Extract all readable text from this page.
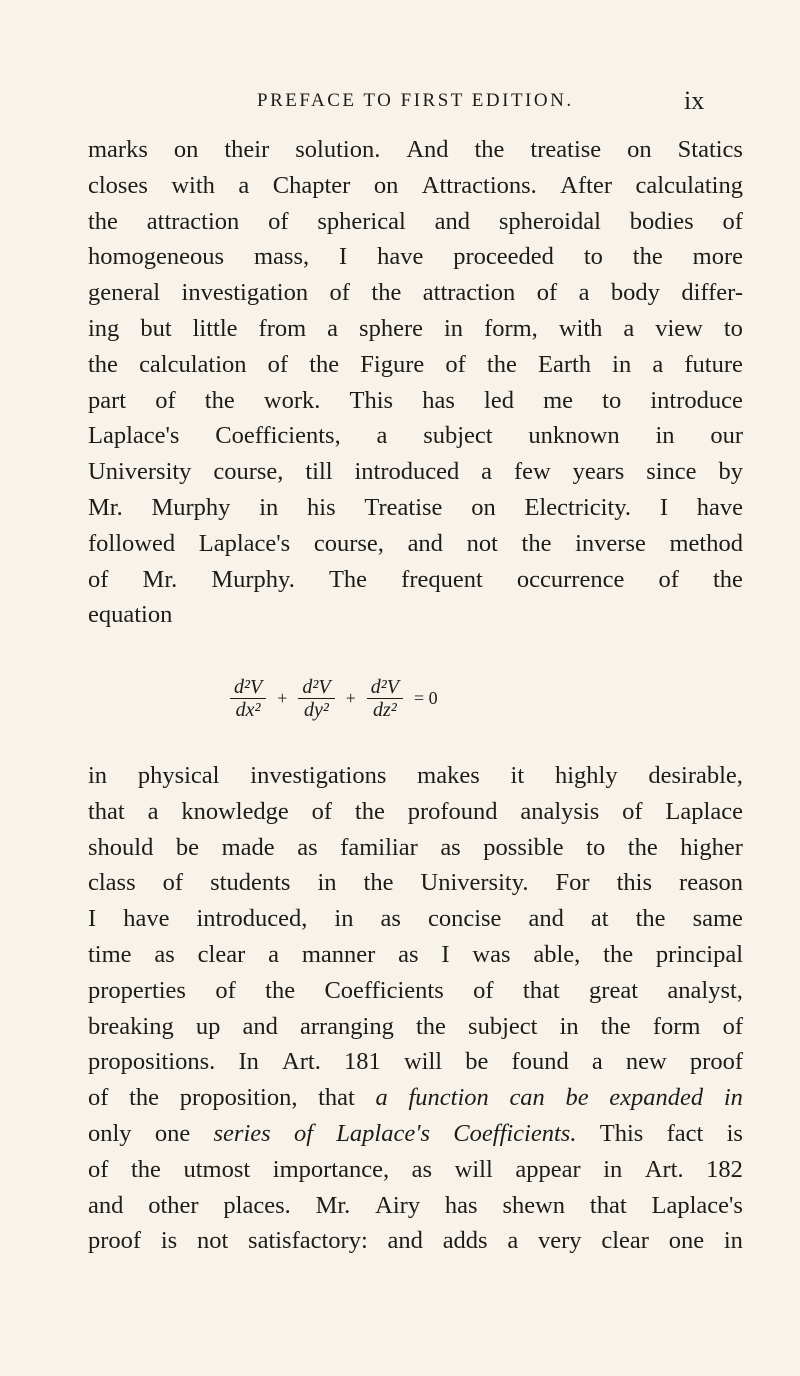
PREFACE TO FIRST EDITION.	ix
marks on their solution. And the treatise on Statics
closes with a Chapter on Attractions. After calculating
the attraction of spherical and spheroidal bodies of
homogeneous mass, I have proceeded to the more
general investigation of the attraction of a body differ-
ing but little from a sphere in form, with a view to
the calculation of the Figure of the Earth in a future
part of the work. This has led me to introduce
Laplace's Coefficients, a subject unknown in our
University course, till introduced a few years since by
Mr. Murphy in his Treatise on Electricity. I have
followed Laplace's course, and not the inverse method
of Mr. Murphy. The frequent occurrence of the
equation
$\frac{\text{d²V}}{\text{dx²}} + \frac{\text{d²V}}{\text{dy²}} + \frac{\text{d²V}}{\text{dz²}} = 0$
in physical investigations makes it highly desirable,
that a knowledge of the profound analysis of Laplace
should be made as familiar as possible to the higher
class of students in the University. For this reason
I have introduced, in as concise and at the same
time as clear a manner as I was able, the principal
properties of the Coefficients of that great analyst,
breaking up and arranging the subject in the form of
propositions. In Art. 181 will be found a new proof
of the proposition, that a function can be expanded in
only one series of Laplace's Coefficients. This fact is
of the utmost importance, as will appear in Art. 182
and other places. Mr. Airy has shewn that Laplace's
proof is not satisfactory: and adds a very clear one in
